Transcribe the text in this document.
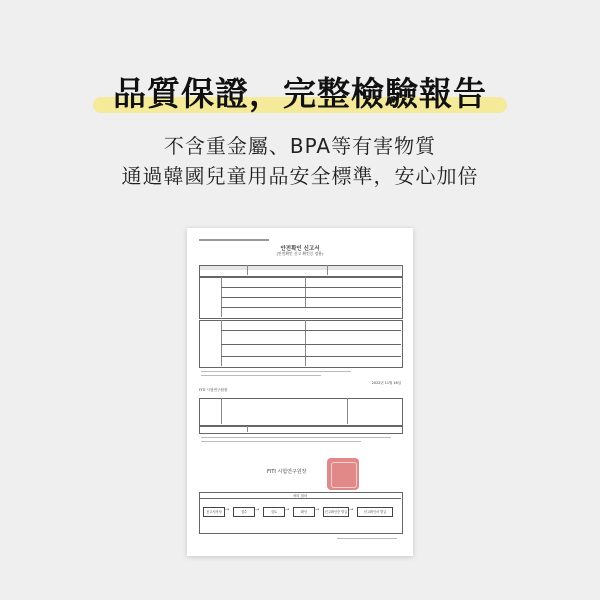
品質保證，完整檢驗報告
不含重金屬、BPA等有害物質
通過韓國兒童用品安全標準，安心加倍
안전확인 신고서
(안전확인 신고 확인증 겸용)
2022년 11월 16일
FITI 시험연구원장
FITI 시험연구원장
처리 절차
신고서작성 →	접수	→	검토	→	확인	→	신고확인증 발급 →	신고확인서 발급
